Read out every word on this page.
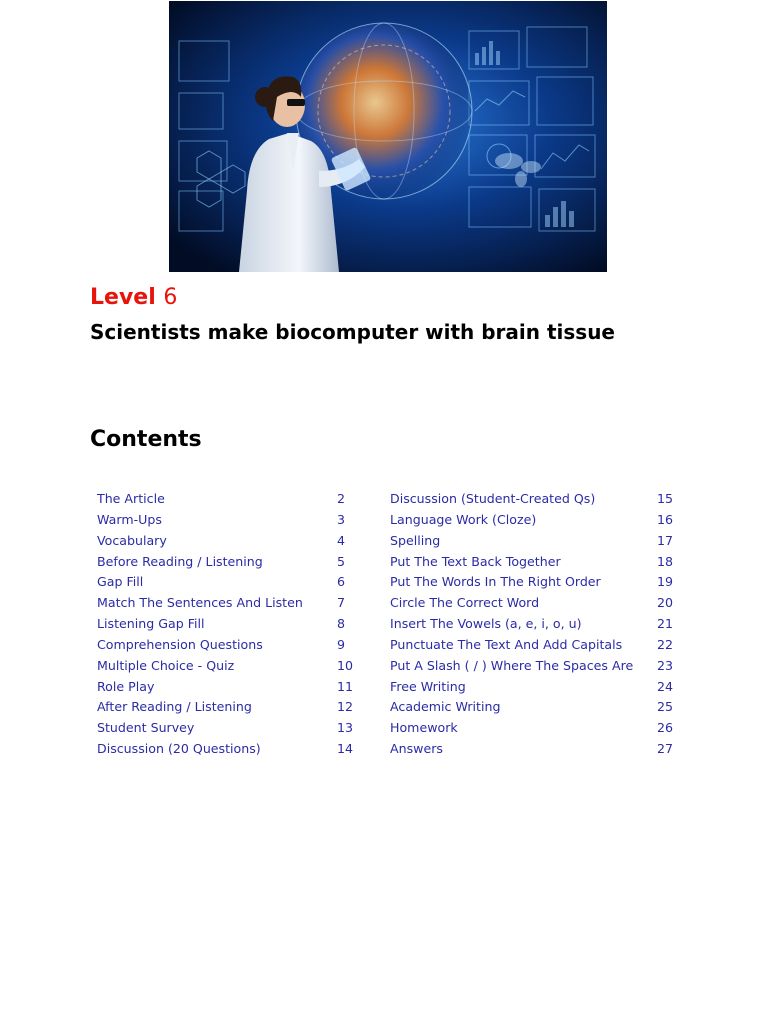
Level 6
Scientists make biocomputer with brain tissue
Contents
The Article	2
Warm-Ups	3
Vocabulary	4
Before Reading / Listening	5
Gap Fill	6
Match The Sentences And Listen	7
Listening Gap Fill	8
Comprehension Questions	9
Multiple Choice - Quiz	10
Role Play	11
After Reading / Listening	12
Student Survey	13
Discussion (20 Questions)	14
Discussion (Student-Created Qs)	15
Language Work (Cloze)	16
Spelling	17
Put The Text Back Together	18
Put The Words In The Right Order	19
Circle The Correct Word	20
Insert The Vowels (a, e, i, o, u)	21
Punctuate The Text And Add Capitals	22
Put A Slash ( / ) Where The Spaces Are 23
Free Writing	24
Academic Writing	25
Homework	26
Answers	27
